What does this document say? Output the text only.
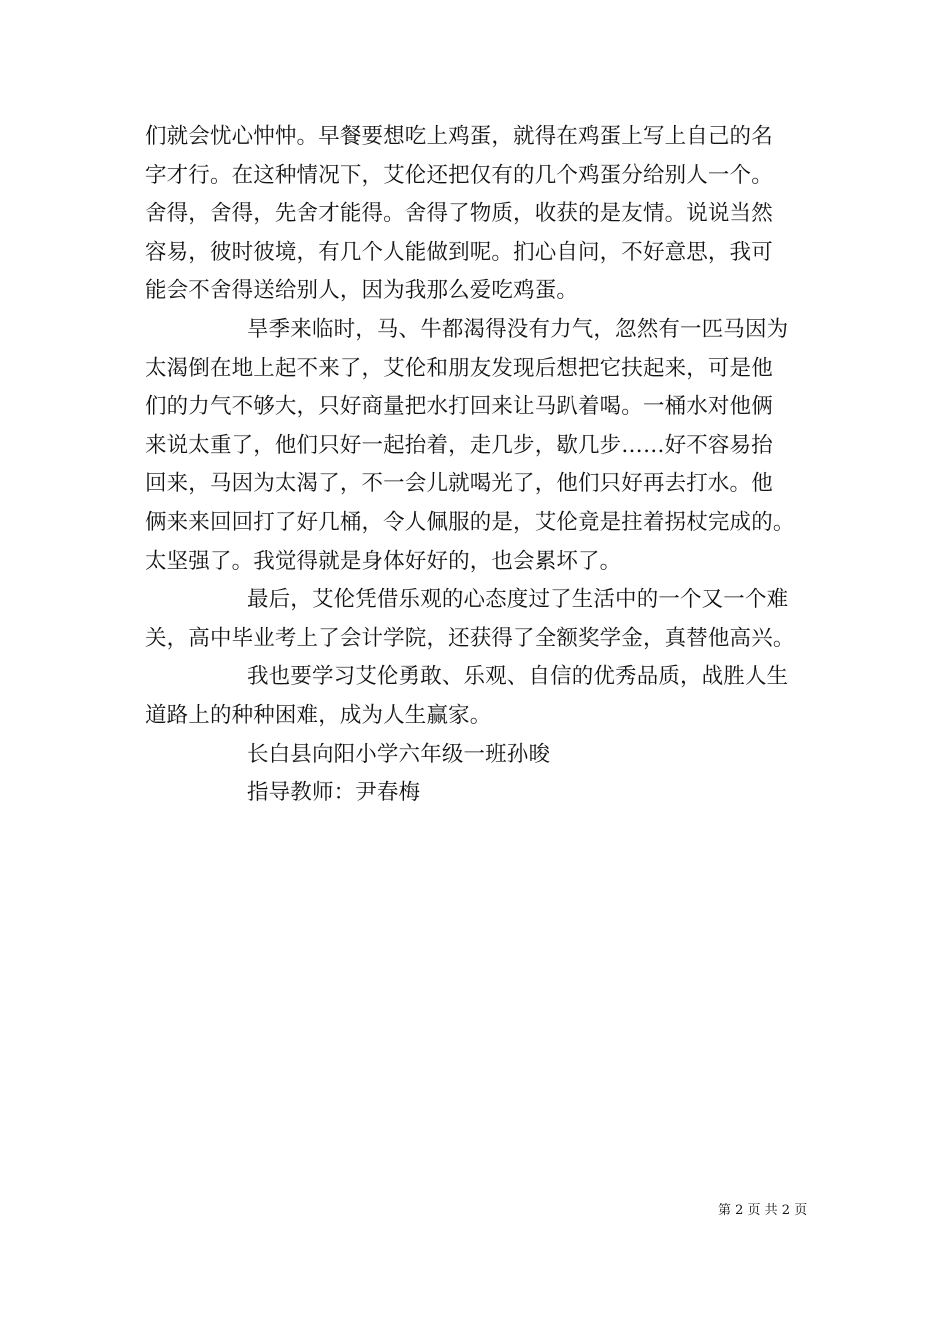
们就会忧心忡忡。早餐要想吃上鸡蛋，就得在鸡蛋上写上自己的名
字才行。在这种情况下，艾伦还把仅有的几个鸡蛋分给别人一个。
舍得，舍得，先舍才能得。舍得了物质，收获的是友情。说说当然
容易，彼时彼境，有几个人能做到呢。扪心自问，不好意思，我可
能会不舍得送给别人，因为我那么爱吃鸡蛋。
旱季来临时，马、牛都渴得没有力气，忽然有一匹马因为
太渴倒在地上起不来了，艾伦和朋友发现后想把它扶起来，可是他
们的力气不够大，只好商量把水打回来让马趴着喝。一桶水对他俩
来说太重了，他们只好一起抬着，走几步，歇几步……好不容易抬
回来，马因为太渴了，不一会儿就喝光了，他们只好再去打水。他
俩来来回回打了好几桶，令人佩服的是，艾伦竟是拄着拐杖完成的。
太坚强了。我觉得就是身体好好的，也会累坏了。
最后，艾伦凭借乐观的心态度过了生活中的一个又一个难
关，高中毕业考上了会计学院，还获得了全额奖学金，真替他高兴。
我也要学习艾伦勇敢、乐观、自信的优秀品质，战胜人生
道路上的种种困难，成为人生赢家。
长白县向阳小学六年级一班孙晙
指导教师：尹春梅
第 2 页 共 2 页
